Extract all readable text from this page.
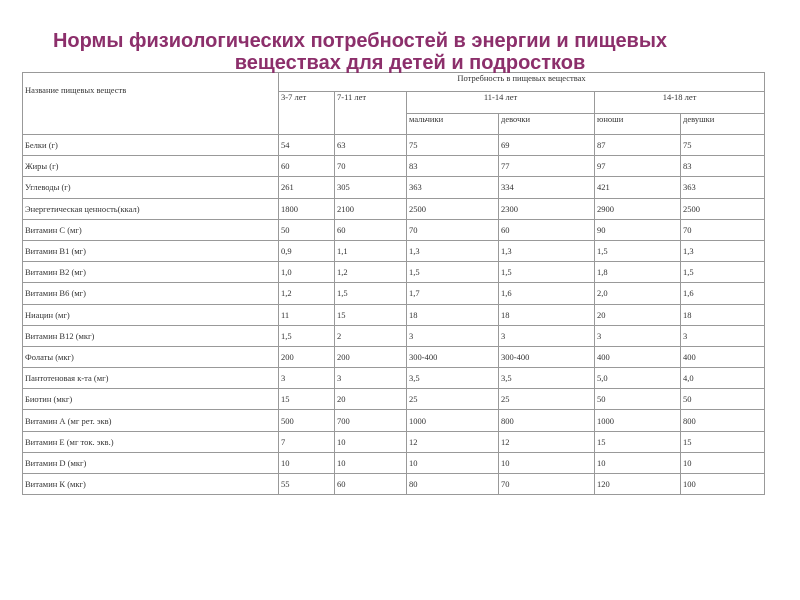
Нормы физиологических потребностей в энергии и пищевых
веществах для детей и подростков
Название пищевых веществ	Потребность в пищевых веществах					
	3-7 лет	7-11 лет	11-14 лет		14-18 лет	
			мальчики	девочки	юноши	девушки
Белки (г)	54	63	75	69	87	75
Жиры (г)	60	70	83	77	97	83
Углеводы (г)	261	305	363	334	421	363
Энергетическая ценность(ккал)	1800	2100	2500	2300	2900	2500
Витамин С (мг)	50	60	70	60	90	70
Витамин В1 (мг)	0,9	1,1	1,3	1,3	1,5	1,3
Витамин В2 (мг)	1,0	1,2	1,5	1,5	1,8	1,5
Витамин В6 (мг)	1,2	1,5	1,7	1,6	2,0	1,6
Ниацин (мг)	11	15	18	18	20	18
Витамин В12 (мкг)	1,5	2	3	3	3	3
Фолаты (мкг)	200	200	300-400	300-400	400	400
Пантотеновая к-та (мг)	3	3	3,5	3,5	5,0	4,0
Биотин (мкг)	15	20	25	25	50	50
Витамин А (мг рет. экв)	500	700	1000	800	1000	800
Витамин Е (мг ток. экв.)	7	10	12	12	15	15
Витамин D (мкг)	10	10	10	10	10	10
Витамин К (мкг)	55	60	80	70	120	100
